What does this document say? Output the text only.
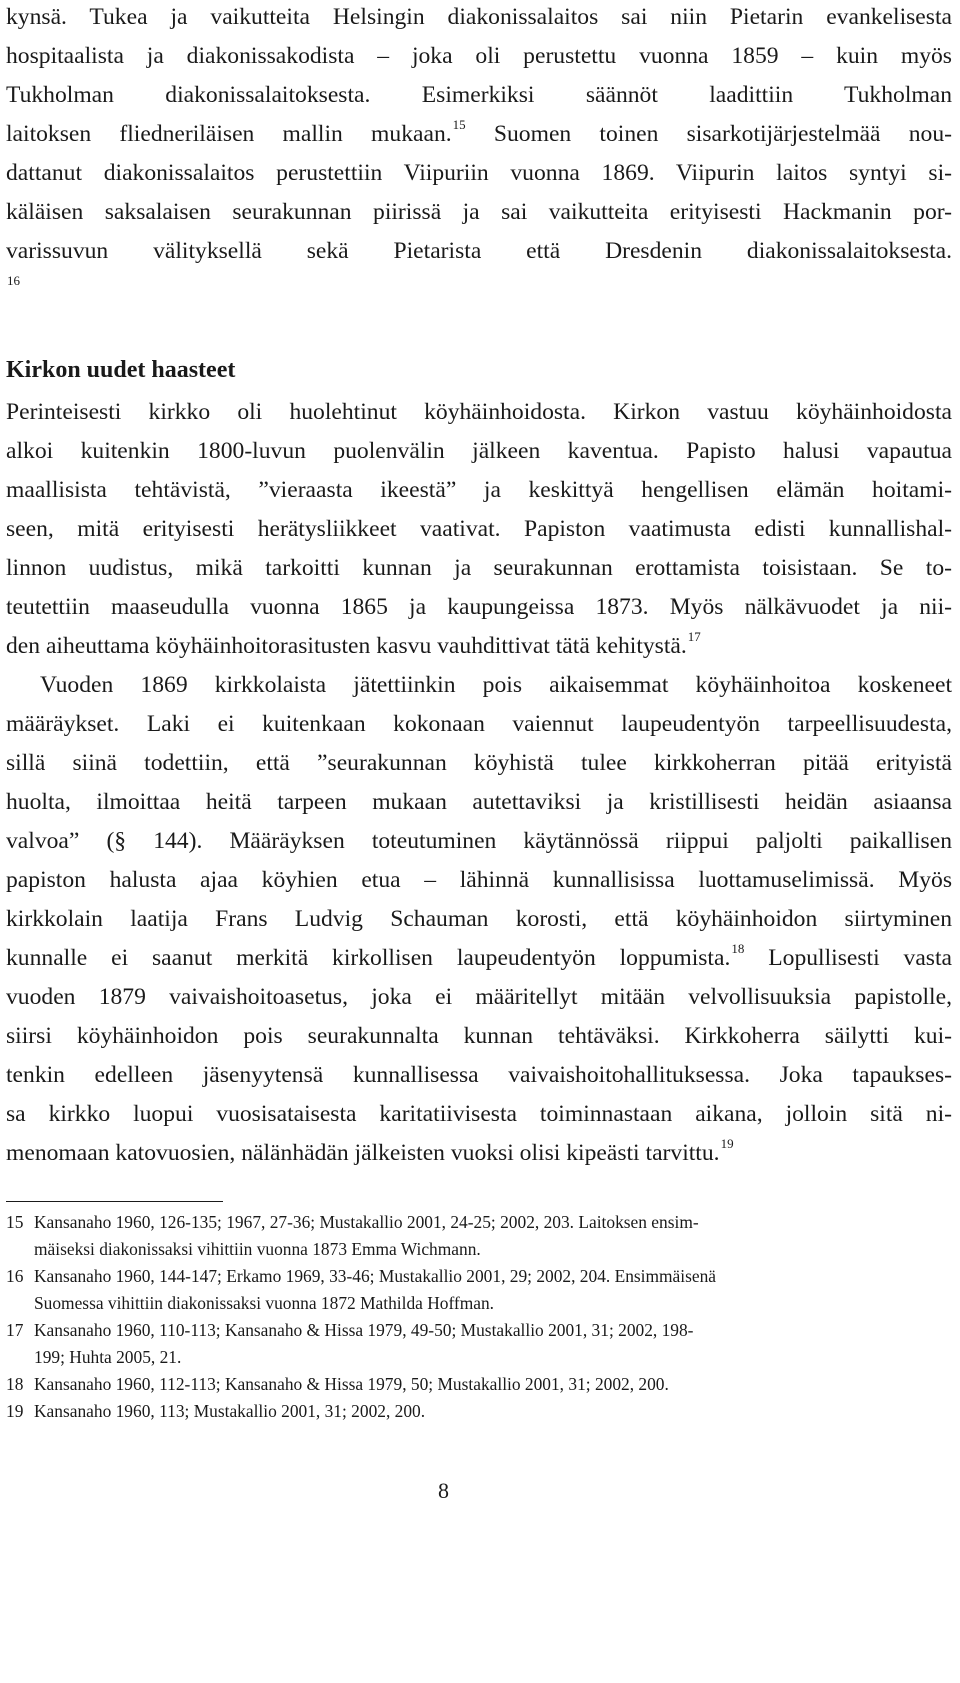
kynsä. Tukea ja vaikutteita Helsingin diakonissalaitos sai niin Pietarin evankelisesta
hospitaalista ja diakonissakodista – joka oli perustettu vuonna 1859 – kuin myös
Tukholman diakonissalaitoksesta. Esimerkiksi säännöt laadittiin Tukholman
laitoksen fliedneriläisen mallin mukaan.$^{15}$ Suomen toinen sisarkotijärjestelmää nou-
dattanut diakonissalaitos perustettiin Viipuriin vuonna 1869. Viipurin laitos syntyi si-
käläisen saksalaisen seurakunnan piirissä ja sai vaikutteita erityisesti Hackmanin por-
varissuvun välityksellä sekä Pietarista että Dresdenin diakonissalaitoksesta.
$^{16}$
Kirkon uudet haasteet
Perinteisesti kirkko oli huolehtinut köyhäinhoidosta. Kirkon vastuu köyhäinhoidosta
alkoi kuitenkin 1800-luvun puolenvälin jälkeen kaventua. Papisto halusi vapautua
maallisista tehtävistä, ”vieraasta ikeestä” ja keskittyä hengellisen elämän hoitami-
seen, mitä erityisesti herätysliikkeet vaativat. Papiston vaatimusta edisti kunnallishal-
linnon uudistus, mikä tarkoitti kunnan ja seurakunnan erottamista toisistaan. Se to-
teutettiin maaseudulla vuonna 1865 ja kaupungeissa 1873. Myös nälkävuodet ja nii-
den aiheuttama köyhäinhoitorasitusten kasvu vauhdittivat tätä kehitystä.$^{17}$
Vuoden 1869 kirkkolaista jätettiinkin pois aikaisemmat köyhäinhoitoa koskeneet
määräykset. Laki ei kuitenkaan kokonaan vaiennut laupeudentyön tarpeellisuudesta,
sillä siinä todettiin, että ”seurakunnan köyhistä tulee kirkkoherran pitää erityistä
huolta, ilmoittaa heitä tarpeen mukaan autettaviksi ja kristillisesti heidän asiaansa
valvoa” (§ 144). Määräyksen toteutuminen käytännössä riippui paljolti paikallisen
papiston halusta ajaa köyhien etua – lähinnä kunnallisissa luottamuselimissä. Myös
kirkkolain laatija Frans Ludvig Schauman korosti, että köyhäinhoidon siirtyminen
kunnalle ei saanut merkitä kirkollisen laupeudentyön loppumista.$^{18}$ Lopullisesti vasta
vuoden 1879 vaivaishoitoasetus, joka ei määritellyt mitään velvollisuuksia papistolle,
siirsi köyhäinhoidon pois seurakunnalta kunnan tehtäväksi. Kirkkoherra säilytti kui-
tenkin edelleen jäsenyytensä kunnallisessa vaivaishoitohallituksessa. Joka tapaukses-
sa kirkko luopui vuosisataisesta karitatiivisesta toiminnastaan aikana, jolloin sitä ni-
menomaan katovuosien, nälänhädän jälkeisten vuoksi olisi kipeästi tarvittu.$^{19}$
15 Kansanaho 1960, 126-135; 1967, 27-36; Mustakallio 2001, 24-25; 2002, 203. Laitoksen ensim-
mäiseksi diakonissaksi vihittiin vuonna 1873 Emma Wichmann.
16 Kansanaho 1960, 144-147; Erkamo 1969, 33-46; Mustakallio 2001, 29; 2002, 204. Ensimmäisenä
Suomessa vihittiin diakonissaksi vuonna 1872 Mathilda Hoffman.
17 Kansanaho 1960, 110-113; Kansanaho & Hissa 1979, 49-50; Mustakallio 2001, 31; 2002, 198-
199; Huhta 2005, 21.
18 Kansanaho 1960, 112-113; Kansanaho & Hissa 1979, 50; Mustakallio 2001, 31; 2002, 200.
19 Kansanaho 1960, 113; Mustakallio 2001, 31; 2002, 200.
8
